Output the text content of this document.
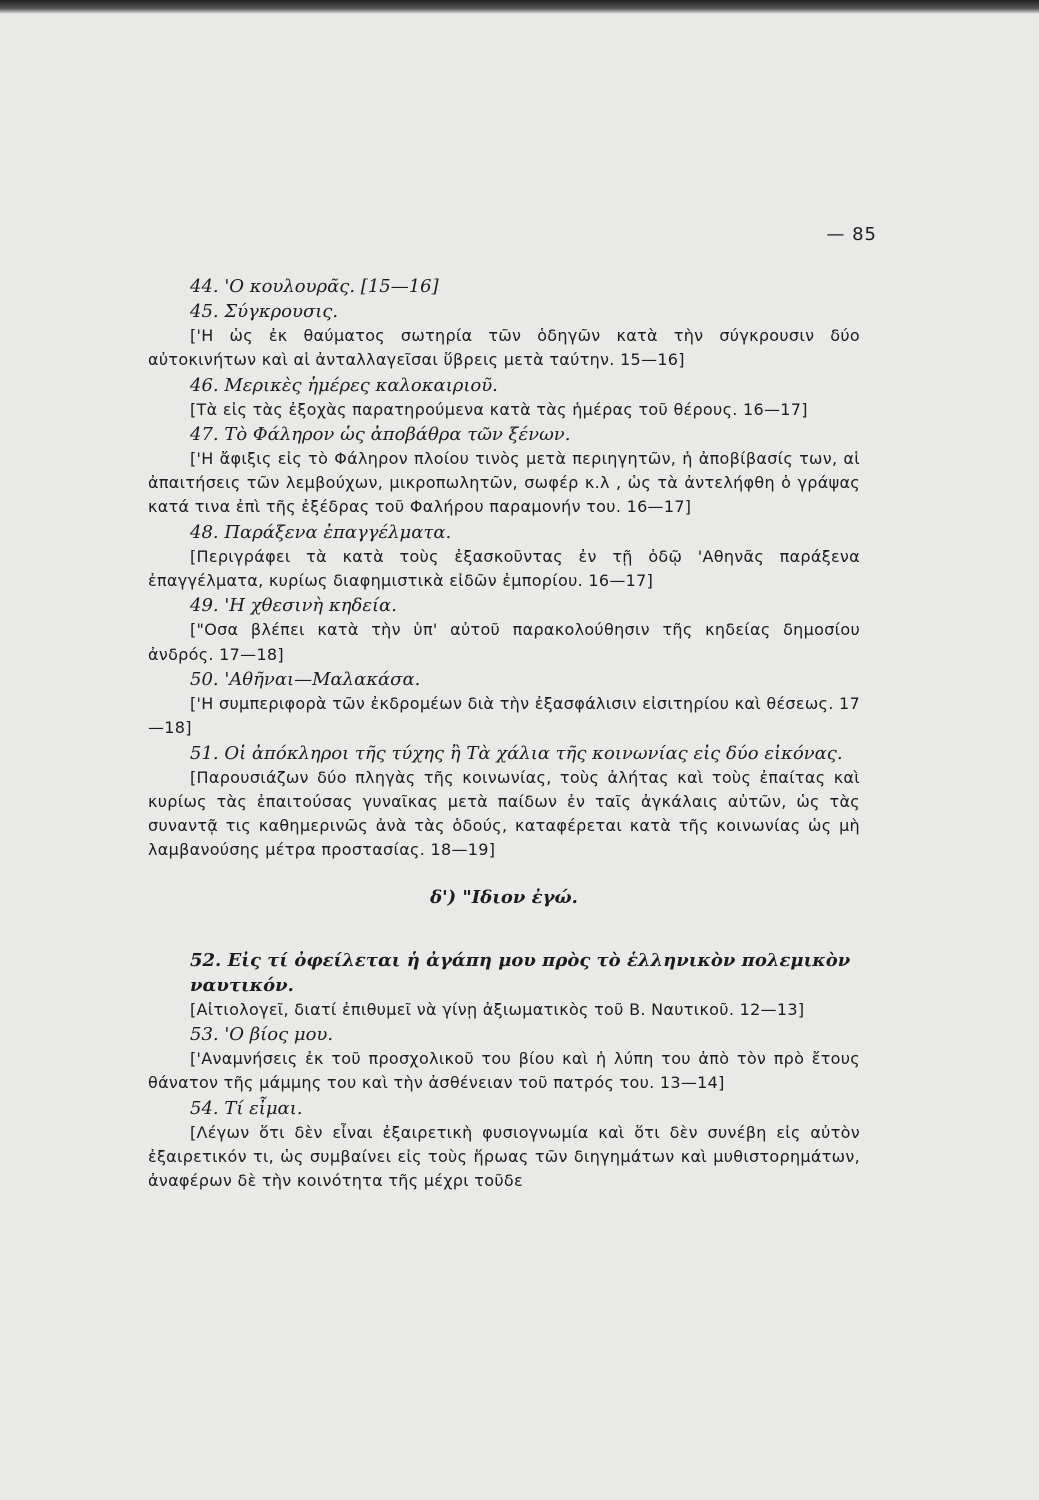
— 85

44. 'Ο κουλουρᾶς. [15—16]

45. Σύγκρουσις.

['Η ὡς ἐκ θαύματος σωτηρία τῶν ὁδηγῶν κατὰ τὴν σύγκρουσιν δύο αὐτοκινήτων καὶ αἱ ἀνταλλαγεῖσαι ὕβρεις μετὰ ταύτην. 15—16]

46. Μερικὲς ἡμέρες καλοκαιριοῦ.

[Τὰ εἰς τὰς ἐξοχὰς παρατηρούμενα κατὰ τὰς ἡμέρας τοῦ θέρους. 16—17]

47. Τὸ Φάληρον ὡς ἀποβάθρα τῶν ξένων.

['Η ἄφιξις εἰς τὸ Φάληρον πλοίου τινὸς μετὰ περιηγητῶν, ἡ ἀποβίβασίς των, αἱ ἀπαιτήσεις τῶν λεμβούχων, μικροπωλητῶν, σωφέρ κ.λ , ὡς τὰ ἀντελήφθη ὁ γράψας κατά τινα ἐπὶ τῆς ἐξέδρας τοῦ Φαλήρου παραμονήν του. 16—17]

48. Παράξενα ἐπαγγέλματα.

[Περιγράφει τὰ κατὰ τοὺς ἐξασκοῦντας ἐν τῇ ὁδῷ 'Αθηνᾶς παράξενα ἐπαγγέλματα, κυρίως διαφημιστικὰ εἰδῶν ἐμπορίου. 16—17]

49. 'Η χθεσινὴ κηδεία.

["Οσα βλέπει κατὰ τὴν ὑπ' αὐτοῦ παρακολούθησιν τῆς κηδείας δημοσίου ἀνδρός. 17—18]

50. 'Αθῆναι—Μαλακάσα.

['Η συμπεριφορὰ τῶν ἐκδρομέων διὰ τὴν ἐξασφάλισιν εἰσιτηρίου καὶ θέσεως. 17—18]

51. Οἱ ἀπόκληροι τῆς τύχης ἢ Τὰ χάλια τῆς κοινωνίας εἰς δύο εἰκόνας.

[Παρουσιάζων δύο πληγὰς τῆς κοινωνίας, τοὺς ἀλήτας καὶ τοὺς ἐπαίτας καὶ κυρίως τὰς ἐπαιτούσας γυναῖκας μετὰ παίδων ἐν ταῖς ἀγκάλαις αὐτῶν, ὡς τὰς συναντᾷ τις καθημερινῶς ἀνὰ τὰς ὁδούς, καταφέρεται κατὰ τῆς κοινωνίας ὡς μὴ λαμβανούσης μέτρα προστασίας. 18—19]

δ') "Ιδιον ἐγώ.

52. Εἰς τί ὀφείλεται ἡ ἀγάπη μου πρὸς τὸ ἑλληνικὸν πολεμικὸν ναυτικόν.

[Αἰτιολογεῖ, διατί ἐπιθυμεῖ νὰ γίνῃ ἀξιωματικὸς τοῦ Β. Ναυτικοῦ. 12—13]

53. 'Ο βίος μου.

['Αναμνήσεις ἐκ τοῦ προσχολικοῦ του βίου καὶ ἡ λύπη του ἀπὸ τὸν πρὸ ἔτους θάνατον τῆς μάμμης του καὶ τὴν ἀσθένειαν τοῦ πατρός του. 13—14]

54. Τί εἶμαι.

[Λέγων ὅτι δὲν εἶναι ἐξαιρετικὴ φυσιογνωμία καὶ ὅτι δὲν συνέβη εἰς αὐτὸν ἐξαιρετικόν τι, ὡς συμβαίνει εἰς τοὺς ἥρωας τῶν διηγημάτων καὶ μυθιστορημάτων, ἀναφέρων δὲ τὴν κοινότητα τῆς μέχρι τοῦδε
